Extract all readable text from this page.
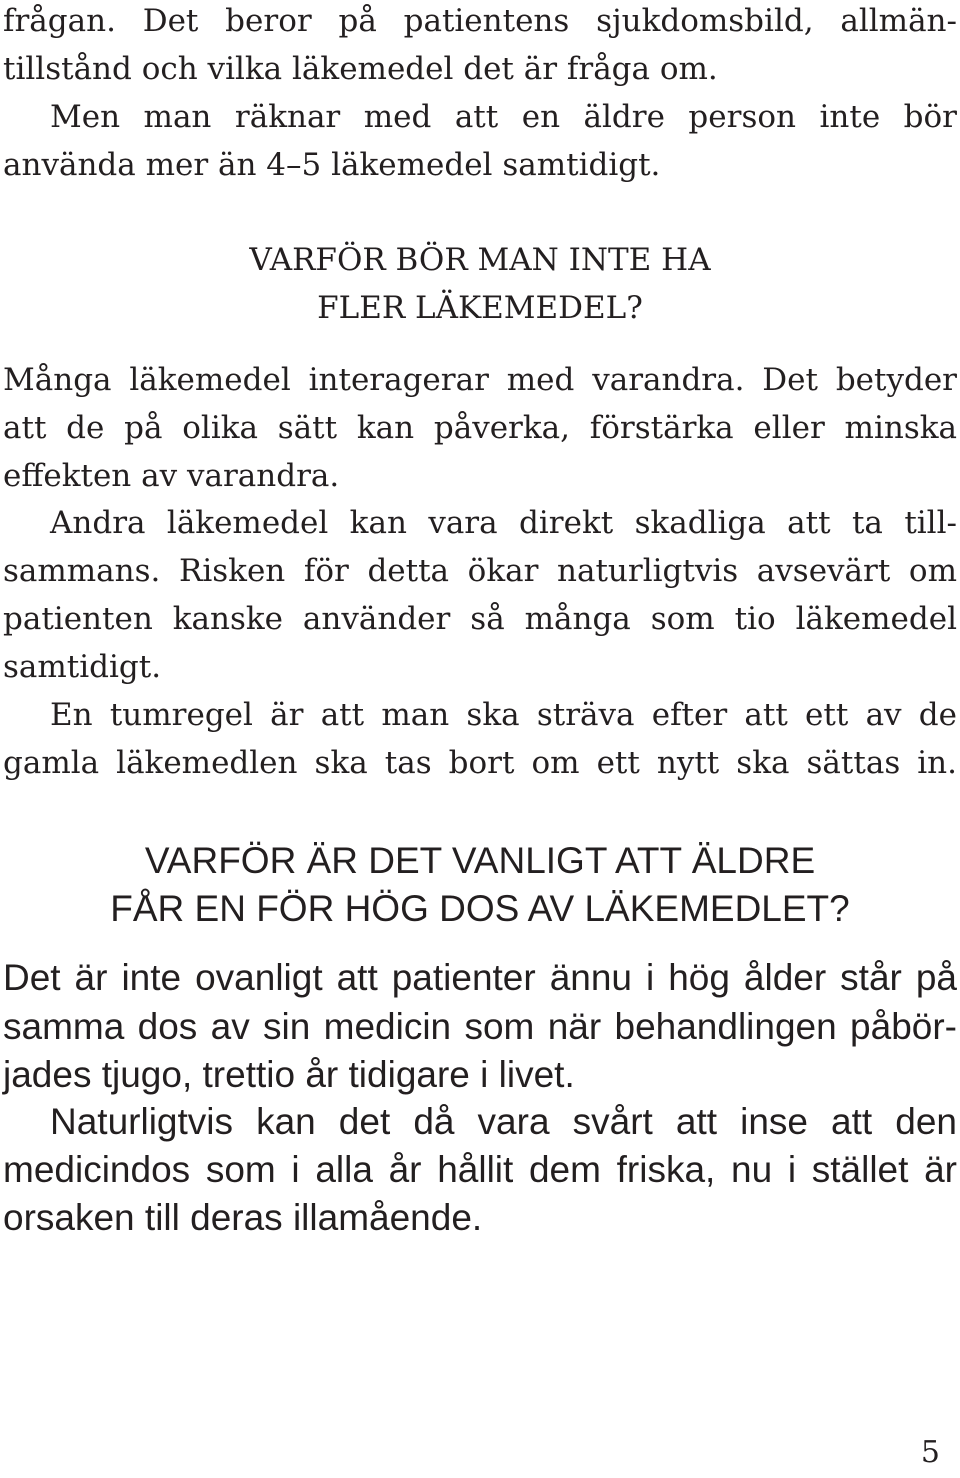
frågan. Det beror på patientens sjukdomsbild, allmän-

tillstånd och vilka läkemedel det är fråga om.

Men man räknar med att en äldre person inte bör

använda mer än 4–5 läkemedel samtidigt.

VARFÖR BÖR MAN INTE HA

FLER LÄKEMEDEL?

Många läkemedel interagerar med varandra. Det betyder

att de på olika sätt kan påverka, förstärka eller minska

effekten av varandra.

Andra läkemedel kan vara direkt skadliga att ta till-

sammans. Risken för detta ökar naturligtvis avsevärt om

patienten kanske använder så många som tio läkemedel

samtidigt.

En tumregel är att man ska sträva efter att ett av de

gamla läkemedlen ska tas bort om ett nytt ska sättas in.

VARFÖR ÄR DET VANLIGT ATT ÄLDRE

FÅR EN FÖR HÖG DOS AV LÄKEMEDLET?

Det är inte ovanligt att patienter ännu i hög ålder står på

samma dos av sin medicin som när behandlingen påbör-

jades tjugo, trettio år tidigare i livet.

Naturligtvis kan det då vara svårt att inse att den

medicindos som i alla år hållit dem friska, nu i stället är

orsaken till deras illamående.

5
